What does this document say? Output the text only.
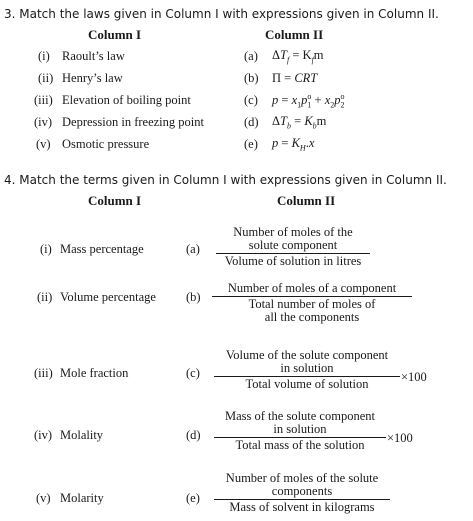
3. Match the laws given in Column I with expressions given in Column II.
Column I	Column II
(i) Raoult’s law	(a) $\Delta T_f = K_fm$
(ii) Henry’s law	(b) Π = CRT
(iii) Elevation of boiling point	(c) $p = x_1p_1^o + x_2p_2^o$
(iv) Depression in freezing point	(d) $\Delta T_b = K_bm$
(v) Osmotic pressure	(e) $p = K_H.x$
4. Match the terms given in Column I with expressions given in Column II.
Column I	Column II
(i) Mass percentage	(a)
Number of moles of the
solute component
Volume of solution in litres
(ii) Volume percentage (b)
Number of moles of a component
Total number of moles of
all the components
(iii) Mole fraction	(c)
Volume of the solute component
in solution
Total volume of solution	×100
(iv) Molality	(d)
Mass of the solute component
in solution
Total mass of the solution	×100
(v) Molarity	(e)
Number of moles of the solute
components
Mass of solvent in kilograms
